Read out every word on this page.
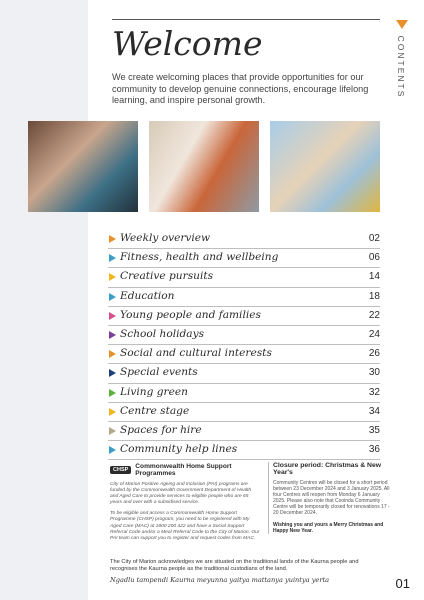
CONTENTS
Welcome
We create welcoming places that provide opportunities for our community to develop genuine connections, encourage lifelong learning, and inspire personal growth.
Weekly overview	02
Fitness, health and wellbeing	06
Creative pursuits	14
Education	18
Young people and families	22
School holidays	24
Social and cultural interests	26
Special events	30
Living green	32
Centre stage	34
Spaces for hire	35
Community help lines	36
CHSP	Commonwealth Home Support Programmes

City of Marion Positive Ageing and Inclusion (PAI) programs are funded by the Commonwealth Government Department of Health and Aged Care to provide services to eligible people who are 65 years and over with a subsidised service.

To be eligible and access a Commonwealth Home Support Programme (CHSP) program, you need to be registered with My Aged Care (MAC) at 1800 200 422 and have a Social Support Referral Code and/or a Meal Referral Code to the City of Marion. Our PAI team can support you to register and request codes from MAC.

Closure period: Christmas & New Year's

Community Centres will be closed for a short period between 23 December 2024 and 3 January 2025. All four Centres will reopen from Monday 6 January 2025. Please also note that Cooinda Community Centre will be temporarily closed for renovations 17 - 20 December 2024.

Wishing you and yours a Merry Christmas and Happy New Year.

The City of Marion acknowledges we are situated on the traditional lands of the Kaurna people and recognises the Kaurna people as the traditional custodians of the land.
Ngadlu tampendi Kaurna meyunna yaitya mattanya yuintya yerta	01
